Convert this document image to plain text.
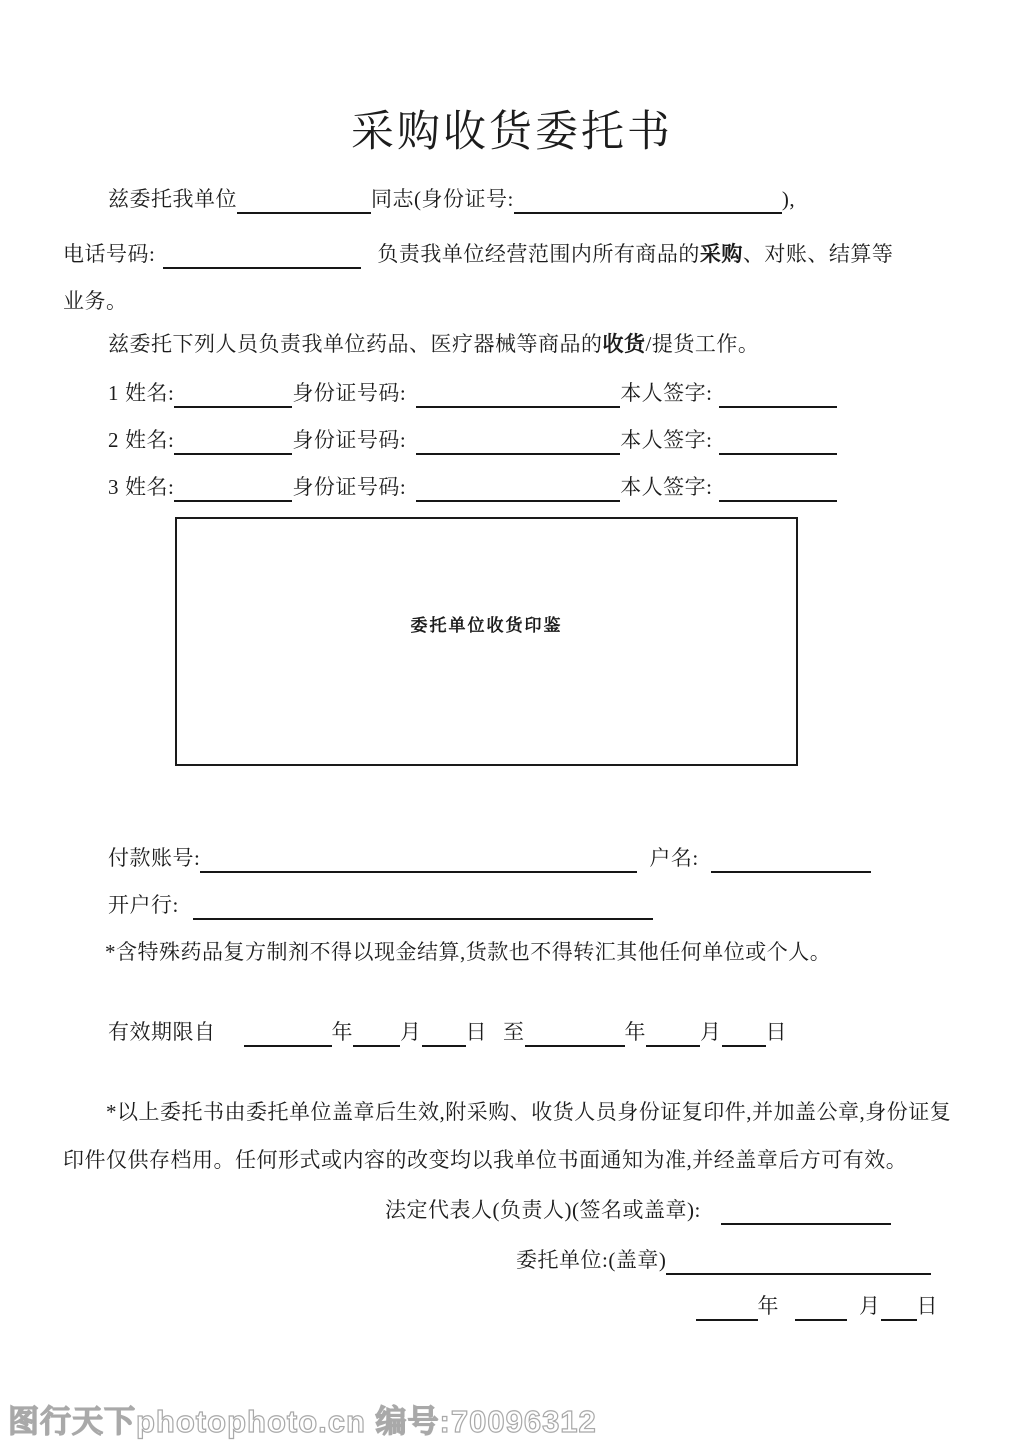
采购收货委托书
兹委托我单位	同志(身份证号:	),
电话号码:	负责我单位经营范围内所有商品的采购、对账、结算等
业务。
兹委托下列人员负责我单位药品、医疗器械等商品的收货/提货工作。
1 姓名:	身份证号码:	本人签字:
2 姓名:	身份证号码:	本人签字:
3 姓名:	身份证号码:	本人签字:
委托单位收货印鉴
付款账号:	户名:
开户行:
*含特殊药品复方制剂不得以现金结算,货款也不得转汇其他任何单位或个人。
有效期限自	年 月 日 至	年	月 日
*以上委托书由委托单位盖章后生效,附采购、收货人员身份证复印件,并加盖公章,身份证复
印件仅供存档用。任何形式或内容的改变均以我单位书面通知为准,并经盖章后方可有效。
法定代表人(负责人)(签名或盖章):
委托单位:(盖章)
年	月 日
图行天下photophoto.cn 编号:70096312
